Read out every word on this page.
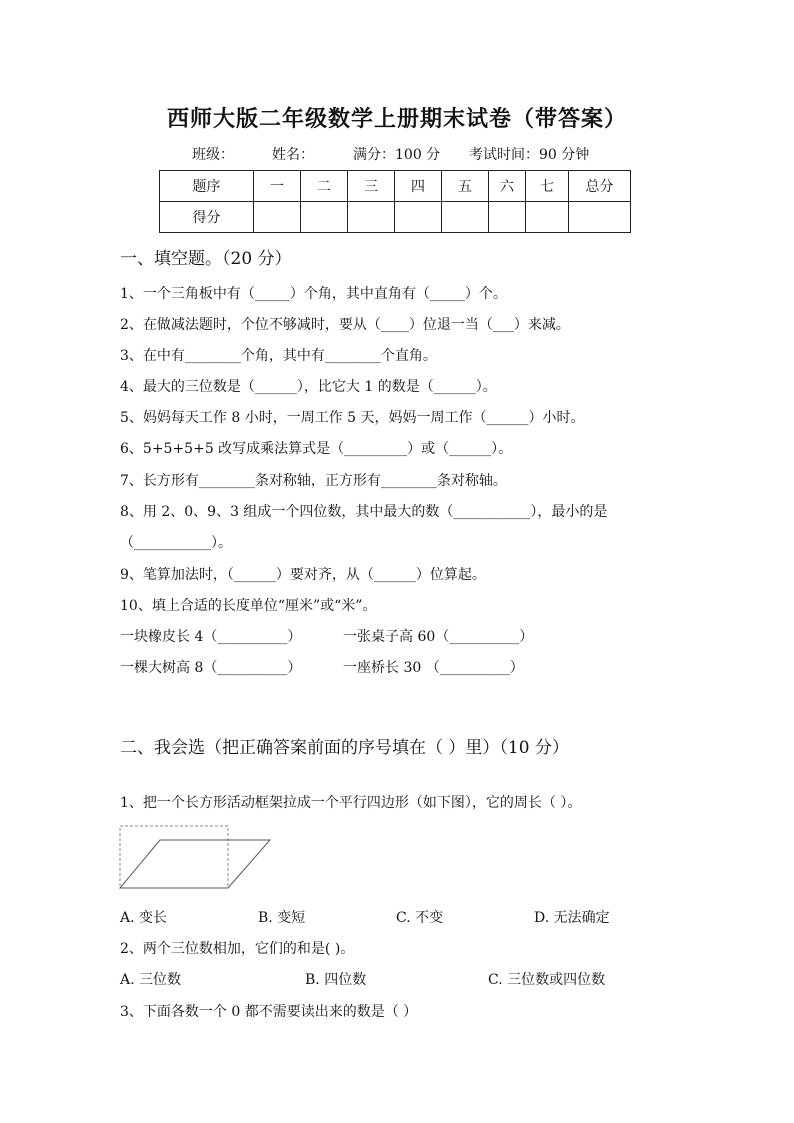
西师大版二年级数学上册期末试卷（带答案）
班级：	姓名：	满分：100 分 考试时间：90 分钟
题序	一	二	三	四	五	六	七	总分
得分								
一、填空题。（20 分）
1、一个三角板中有（_____）个角，其中直角有（_____）个。
2、在做减法题时，个位不够减时，要从（____）位退一当（___）来减。
3、在中有________个角，其中有________个直角。
4、最大的三位数是（______），比它大 1 的数是（______）。
5、妈妈每天工作 8 小时，一周工作 5 天，妈妈一周工作（______）小时。
6、5+5+5+5 改写成乘法算式是（_________）或（______）。
7、长方形有________条对称轴，正方形有________条对称轴。
8、用 2、0、9、3 组成一个四位数，其中最大的数（___________），最小的是
（___________）。
9、笔算加法时，（______）要对齐，从（______）位算起。
10、填上合适的长度单位“厘米”或“米”。
一块橡皮长 4（__________）	一张桌子高 60（__________）
一棵大树高 8（__________）	一座桥长 30 （__________）
二、我会选（把正确答案前面的序号填在（ ）里）（10 分）
1、把一个长方形活动框架拉成一个平行四边形（如下图），它的周长（ ）。
A. 变长	B. 变短	C. 不变	D. 无法确定
2、两个三位数相加，它们的和是( )。
A. 三位数	B. 四位数	C. 三位数或四位数
3、下面各数一个 0 都不需要读出来的数是（ ）
